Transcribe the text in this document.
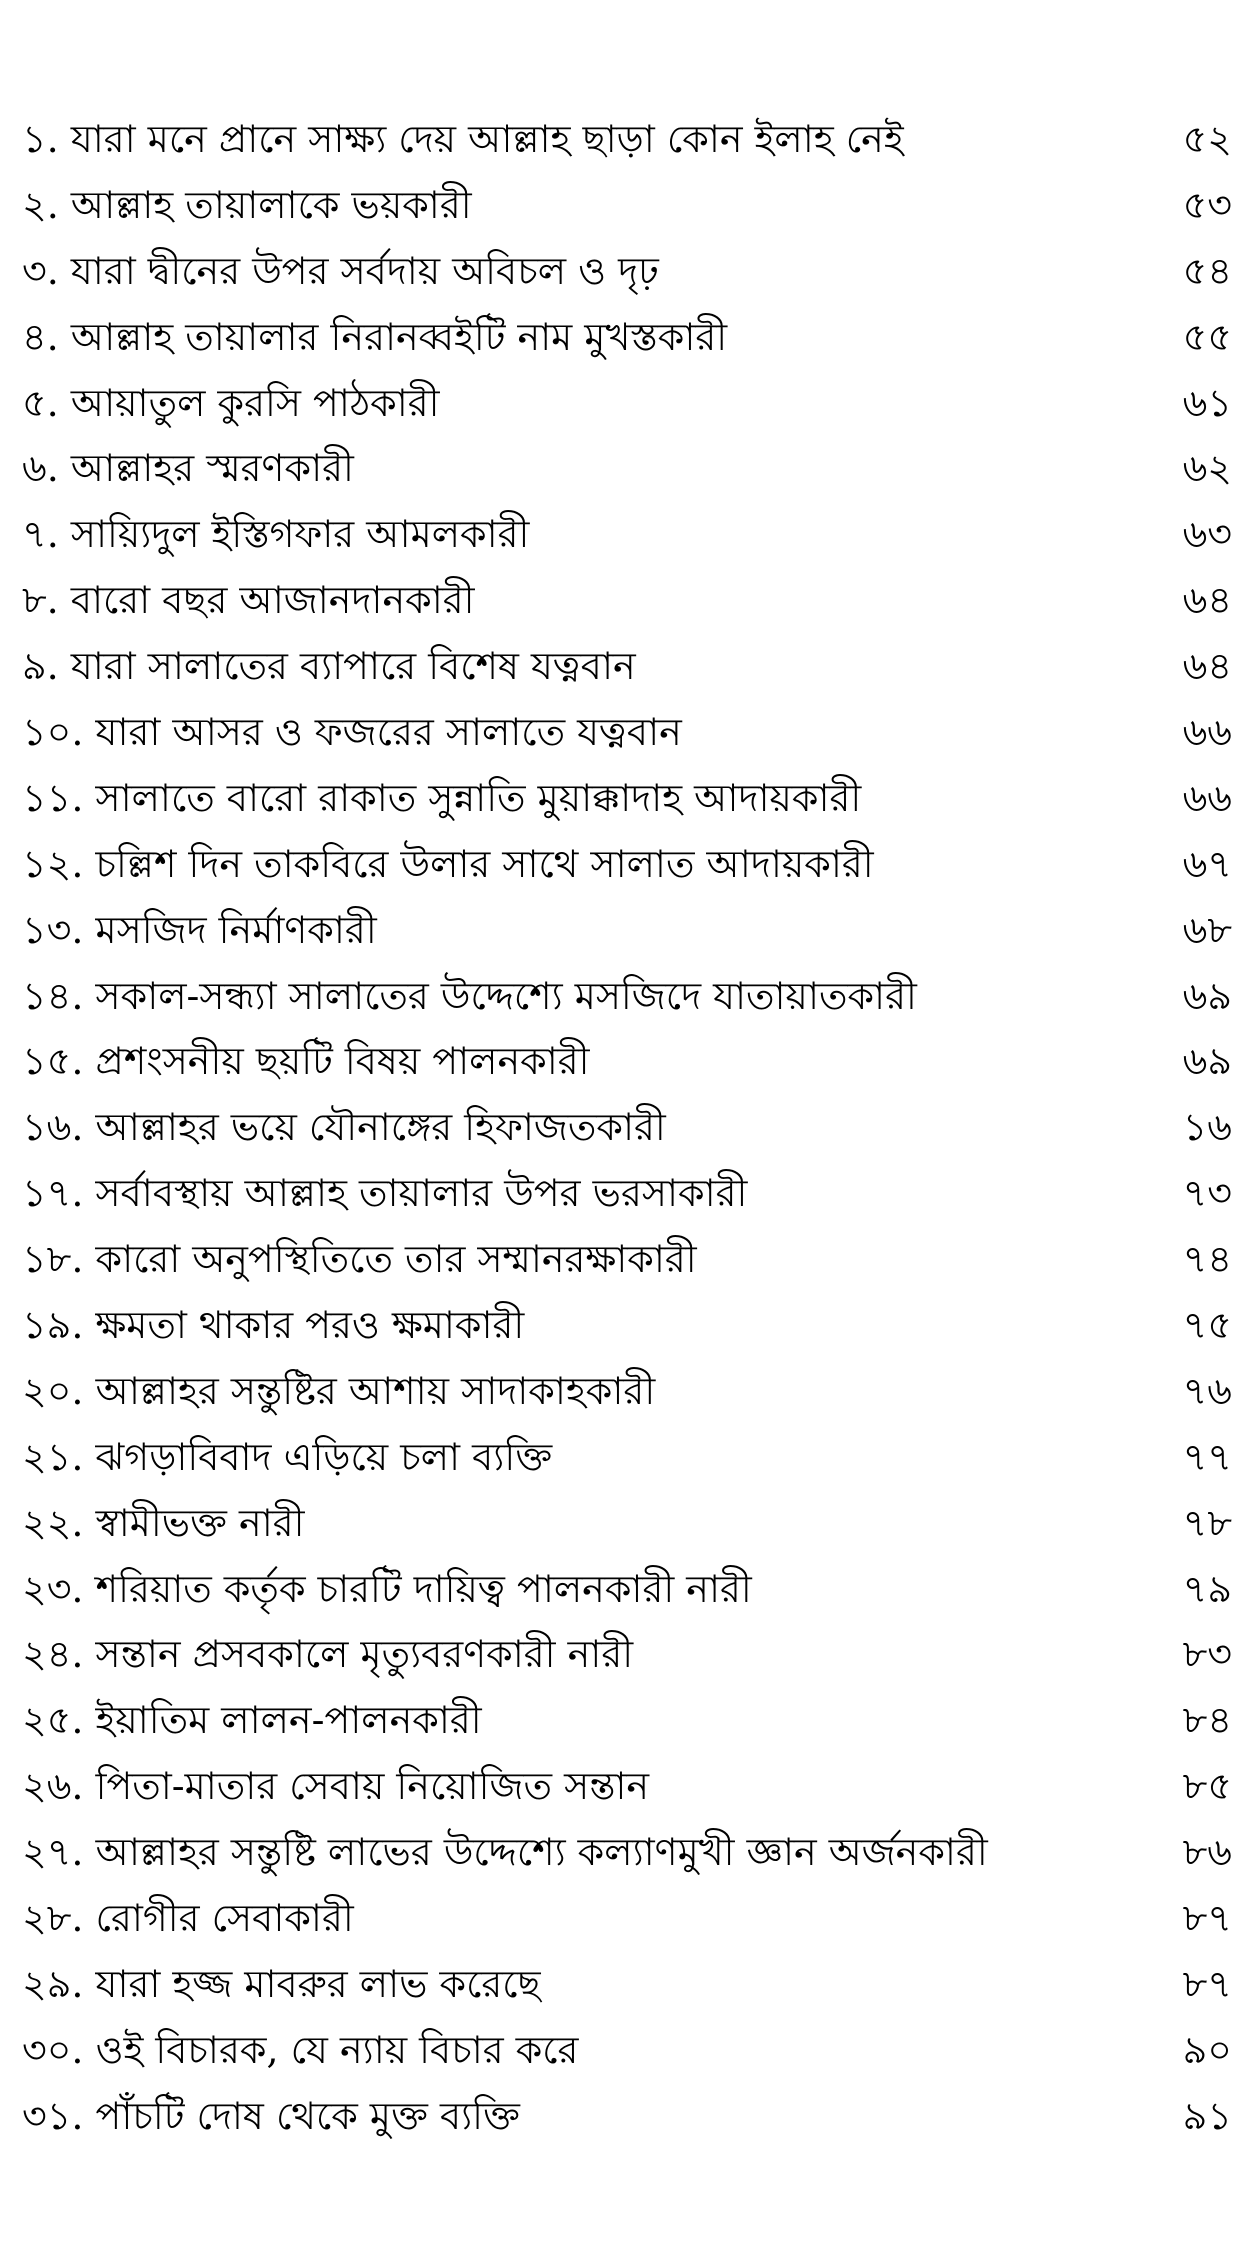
১. যারা মনে প্রানে সাক্ষ্য দেয় আল্লাহ ছাড়া কোন ইলাহ নেই	৫২
২. আল্লাহ তায়ালাকে ভয়কারী	৫৩
৩. যারা দ্বীনের উপর সর্বদায় অবিচল ও দৃঢ়	৫৪
৪. আল্লাহ তায়ালার নিরানব্বইটি নাম মুখস্তকারী	৫৫
৫. আয়াতুল কুরসি পাঠকারী	৬১
৬. আল্লাহর স্মরণকারী	৬২
৭. সায়্যিদুল ইস্তিগফার আমলকারী	৬৩
৮. বারো বছর আজানদানকারী	৬৪
৯. যারা সালাতের ব্যাপারে বিশেষ যত্নবান	৬৪
১০. যারা আসর ও ফজরের সালাতে যত্নবান	৬৬
১১. সালাতে বারো রাকাত সুন্নাতি মুয়াক্কাদাহ আদায়কারী	৬৬
১২. চল্লিশ দিন তাকবিরে উলার সাথে সালাত আদায়কারী	৬৭
১৩. মসজিদ নির্মাণকারী	৬৮
১৪. সকাল-সন্ধ্যা সালাতের উদ্দেশ্যে মসজিদে যাতায়াতকারী	৬৯
১৫. প্রশংসনীয় ছয়টি বিষয় পালনকারী	৬৯
১৬. আল্লাহর ভয়ে যৌনাঙ্গের হিফাজতকারী	১৬
১৭. সর্বাবস্থায় আল্লাহ তায়ালার উপর ভরসাকারী	৭৩
১৮. কারো অনুপস্থিতিতে তার সম্মানরক্ষাকারী	৭৪
১৯. ক্ষমতা থাকার পরও ক্ষমাকারী	৭৫
২০. আল্লাহর সন্তুষ্টির আশায় সাদাকাহকারী	৭৬
২১. ঝগড়াবিবাদ এড়িয়ে চলা ব্যক্তি	৭৭
২২. স্বামীভক্ত নারী	৭৮
২৩. শরিয়াত কর্তৃক চারটি দায়িত্ব পালনকারী নারী	৭৯
২৪. সন্তান প্রসবকালে মৃত্যুবরণকারী নারী	৮৩
২৫. ইয়াতিম লালন-পালনকারী	৮৪
২৬. পিতা-মাতার সেবায় নিয়োজিত সন্তান	৮৫
২৭. আল্লাহর সন্তুষ্টি লাভের উদ্দেশ্যে কল্যাণমুখী জ্ঞান অর্জনকারী	৮৬
২৮. রোগীর সেবাকারী	৮৭
২৯. যারা হজ্জ মাবরুর লাভ করেছে	৮৭
৩০. ওই বিচারক, যে ন্যায় বিচার করে	৯০
৩১. পাঁচটি দোষ থেকে মুক্ত ব্যক্তি	৯১
